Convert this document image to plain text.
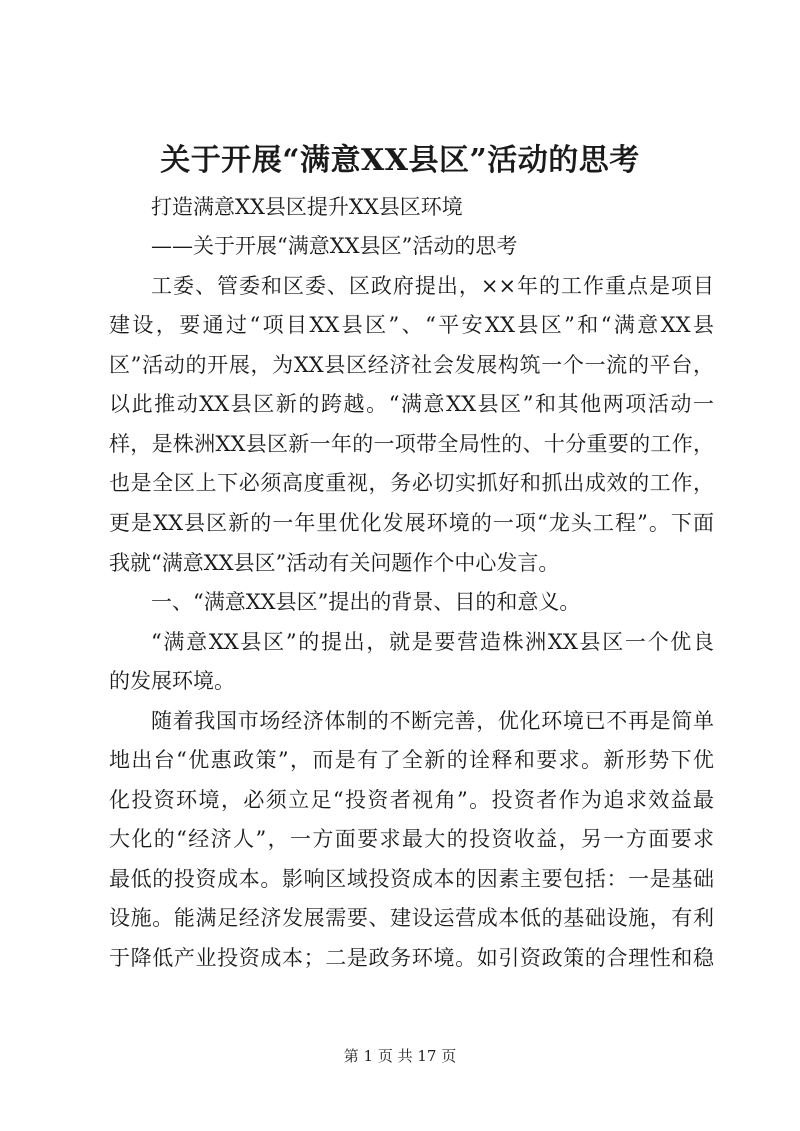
关于开展“满意XX县区”活动的思考
打造满意XX县区提升XX县区环境
——关于开展“满意XX县区”活动的思考
工委、管委和区委、区政府提出，××年的工作重点是项目
建设，要通过“项目XX县区”、“平安XX县区”和“满意XX县
区”活动的开展，为XX县区经济社会发展构筑一个一流的平台，
以此推动XX县区新的跨越。“满意XX县区”和其他两项活动一
样，是株洲XX县区新一年的一项带全局性的、十分重要的工作，
也是全区上下必须高度重视，务必切实抓好和抓出成效的工作，
更是XX县区新的一年里优化发展环境的一项“龙头工程”。下面
我就“满意XX县区”活动有关问题作个中心发言。
一、“满意XX县区”提出的背景、目的和意义。
“满意XX县区”的提出，就是要营造株洲XX县区一个优良
的发展环境。
随着我国市场经济体制的不断完善，优化环境已不再是简单
地出台“优惠政策”，而是有了全新的诠释和要求。新形势下优
化投资环境，必须立足“投资者视角”。投资者作为追求效益最
大化的“经济人”，一方面要求最大的投资收益，另一方面要求
最低的投资成本。影响区域投资成本的因素主要包括：一是基础
设施。能满足经济发展需要、建设运营成本低的基础设施，有利
于降低产业投资成本；二是政务环境。如引资政策的合理性和稳
第 1 页 共 17 页
